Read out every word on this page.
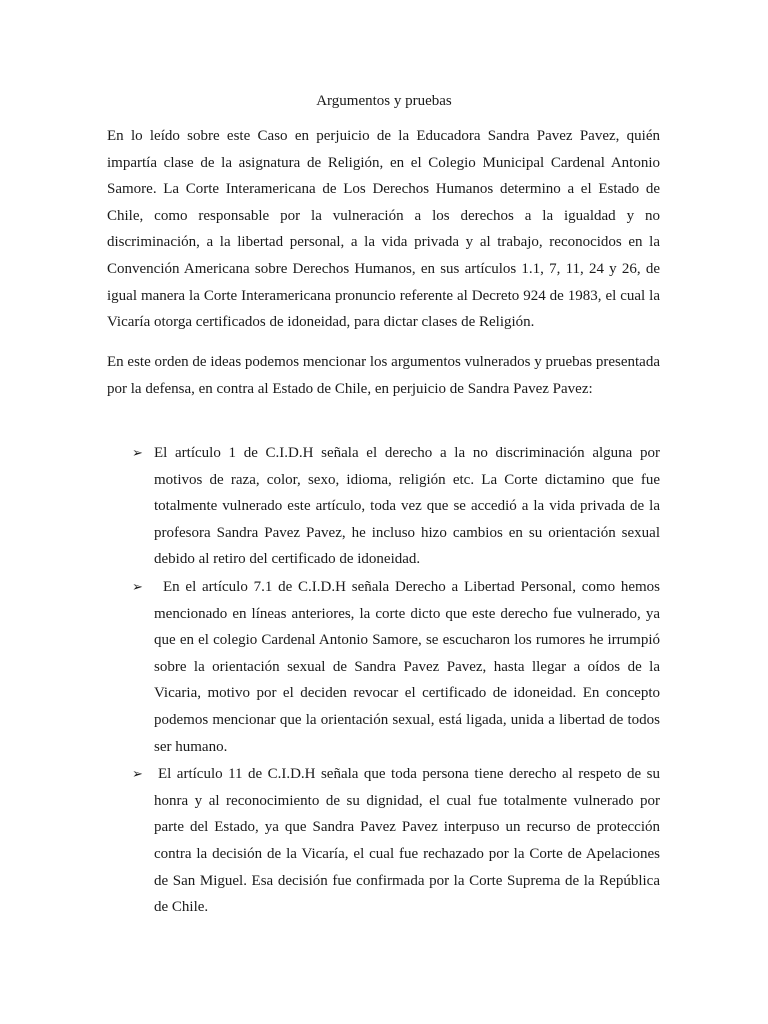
Argumentos y pruebas

En lo leído sobre este Caso en perjuicio de la Educadora Sandra Pavez Pavez, quién impartía clase de la asignatura de Religión, en el Colegio Municipal Cardenal Antonio Samore. La Corte Interamericana de Los Derechos Humanos determino a el Estado de Chile, como responsable por la vulneración a los derechos a la igualdad y no discriminación, a la libertad personal, a la vida privada y al trabajo, reconocidos en la Convención Americana sobre Derechos Humanos, en sus artículos 1.1, 7, 11, 24 y 26, de igual manera la Corte Interamericana pronuncio referente al Decreto 924 de 1983, el cual la Vicaría otorga certificados de idoneidad, para dictar clases de Religión.

En este orden de ideas podemos mencionar los argumentos vulnerados y pruebas presentada por la defensa, en contra al Estado de Chile, en perjuicio de Sandra Pavez Pavez:

➢ El artículo 1 de C.I.D.H señala el derecho a la no discriminación alguna por motivos de raza, color, sexo, idioma, religión etc. La Corte dictamino que fue totalmente vulnerado este artículo, toda vez que se accedió a la vida privada de la profesora Sandra Pavez Pavez, he incluso hizo cambios en su orientación sexual debido al retiro del certificado de idoneidad.
➢ En el artículo 7.1 de C.I.D.H señala Derecho a Libertad Personal, como hemos mencionado en líneas anteriores, la corte dicto que este derecho fue vulnerado, ya que en el colegio Cardenal Antonio Samore, se escucharon los rumores he irrumpió sobre la orientación sexual de Sandra Pavez Pavez, hasta llegar a oídos de la Vicaria, motivo por el deciden revocar el certificado de idoneidad. En concepto podemos mencionar que la orientación sexual, está ligada, unida a libertad de todos ser humano.
➢ El artículo 11 de C.I.D.H señala que toda persona tiene derecho al respeto de su honra y al reconocimiento de su dignidad, el cual fue totalmente vulnerado por parte del Estado, ya que Sandra Pavez Pavez interpuso un recurso de protección contra la decisión de la Vicaría, el cual fue rechazado por la Corte de Apelaciones de San Miguel. Esa decisión fue confirmada por la Corte Suprema de la República de Chile.
